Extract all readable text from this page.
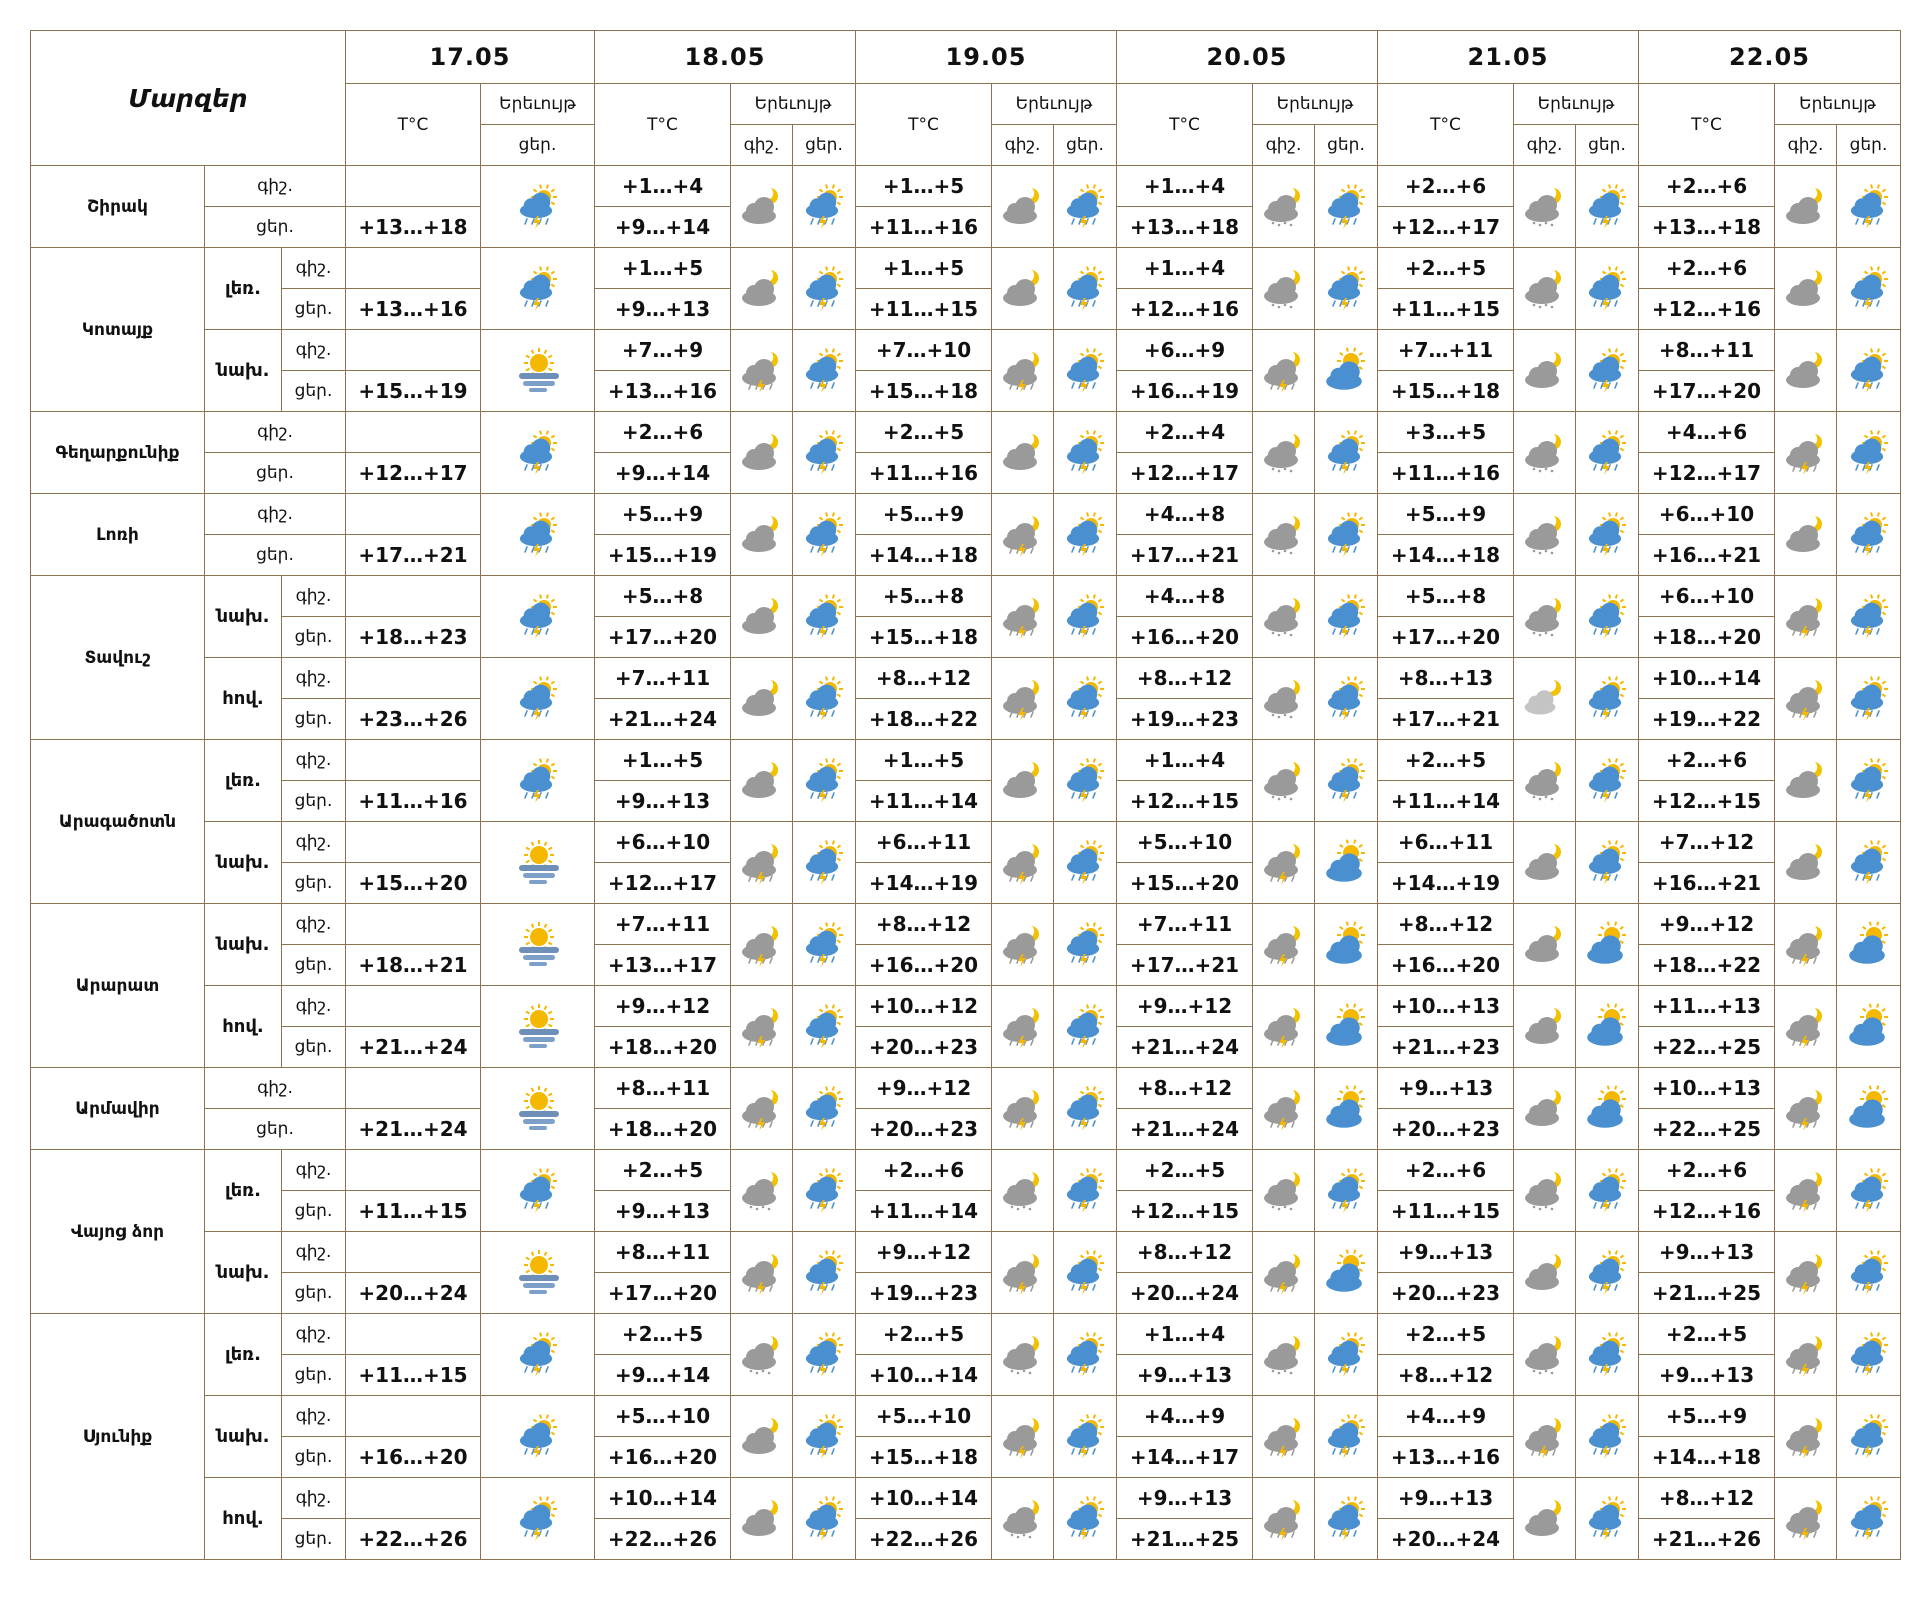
Մարզեր			17.05		18.05			19.05			20.05			21.05			22.05		
			T°C	Երեւույթ	T°C	Երեւույթ		T°C	Երեւույթ		T°C	Երեւույթ		T°C	Երեւույթ		T°C	Երեւույթ	
				ցեր.		գիշ.	ցեր.		գիշ.	ցեր.		գիշ.	ցեր.		գիշ.	ցեր.		գիշ.	ցեր.
Շիրակ	գիշ.				+1…+4			+1…+5			+1…+4			+2…+6			+2…+6	

	ցեր.		+13…+18		+9…+14			+11…+16			+13…+18			+12…+17			+13…+18		
Կոտայք	լեռ.	գիշ.			+1…+5			+1…+5			+1…+4			+2…+5			+2…+6	

		ցեր.	+13…+16		+9…+13			+11…+15			+12…+16			+11…+15			+12…+16		
	նախ.	գիշ.			+7…+9			+7…+10			+6…+9			+7…+11			+8…+11	

		ցեր.	+15…+19		+13…+16			+15…+18			+16…+19			+15…+18			+17…+20		
Գեղարքունիք	գիշ.				+2…+6			+2…+5			+2…+4			+3…+5			+4…+6	

	ցեր.		+12…+17		+9…+14			+11…+16			+12…+17			+11…+16			+12…+17		
Լոռի	գիշ.				+5…+9			+5…+9			+4…+8			+5…+9			+6…+10	

	ցեր.		+17…+21		+15…+19			+14…+18			+17…+21			+14…+18			+16…+21		
Տավուշ	նախ.	գիշ.			+5…+8			+5…+8			+4…+8			+5…+8			+6…+10	

		ցեր.	+18…+23		+17…+20			+15…+18			+16…+20			+17…+20			+18…+20		
	հով.	գիշ.			+7…+11			+8…+12			+8…+12			+8…+13			+10…+14	

		ցեր.	+23…+26		+21…+24			+18…+22			+19…+23			+17…+21			+19…+22		
Արագածոտն	լեռ.	գիշ.			+1…+5			+1…+5			+1…+4			+2…+5			+2…+6	

		ցեր.	+11…+16		+9…+13			+11…+14			+12…+15			+11…+14			+12…+15		
	նախ.	գիշ.			+6…+10			+6…+11			+5…+10			+6…+11			+7…+12	

		ցեր.	+15…+20		+12…+17			+14…+19			+15…+20			+14…+19			+16…+21		
Արարատ	նախ.	գիշ.			+7…+11			+8…+12			+7…+11			+8…+12			+9…+12	

		ցեր.	+18…+21		+13…+17			+16…+20			+17…+21			+16…+20			+18…+22		
	հով.	գիշ.			+9…+12			+10…+12			+9…+12			+10…+13			+11…+13	

		ցեր.	+21…+24		+18…+20			+20…+23			+21…+24			+21…+23			+22…+25		
Արմավիր	գիշ.				+8…+11			+9…+12			+8…+12			+9…+13			+10…+13	

	ցեր.		+21…+24		+18…+20			+20…+23			+21…+24			+20…+23			+22…+25		
Վայոց ձոր	լեռ.	գիշ.			+2…+5			+2…+6			+2…+5			+2…+6			+2…+6	

		ցեր.	+11…+15		+9…+13			+11…+14			+12…+15			+11…+15			+12…+16		
	նախ.	գիշ.			+8…+11			+9…+12			+8…+12			+9…+13			+9…+13	

		ցեր.	+20…+24		+17…+20			+19…+23			+20…+24			+20…+23			+21…+25		
Սյունիք	լեռ.	գիշ.			+2…+5			+2…+5			+1…+4			+2…+5			+2…+5	

		ցեր.	+11…+15		+9…+14			+10…+14			+9…+13			+8…+12			+9…+13		
	նախ.	գիշ.			+5…+10			+5…+10			+4…+9			+4…+9			+5…+9	

		ցեր.	+16…+20		+16…+20			+15…+18			+14…+17			+13…+16			+14…+18		
	հով.	գիշ.			+10…+14			+10…+14			+9…+13			+9…+13			+8…+12	

		ցեր.	+22…+26		+22…+26			+22…+26			+21…+25			+20…+24			+21…+26		
